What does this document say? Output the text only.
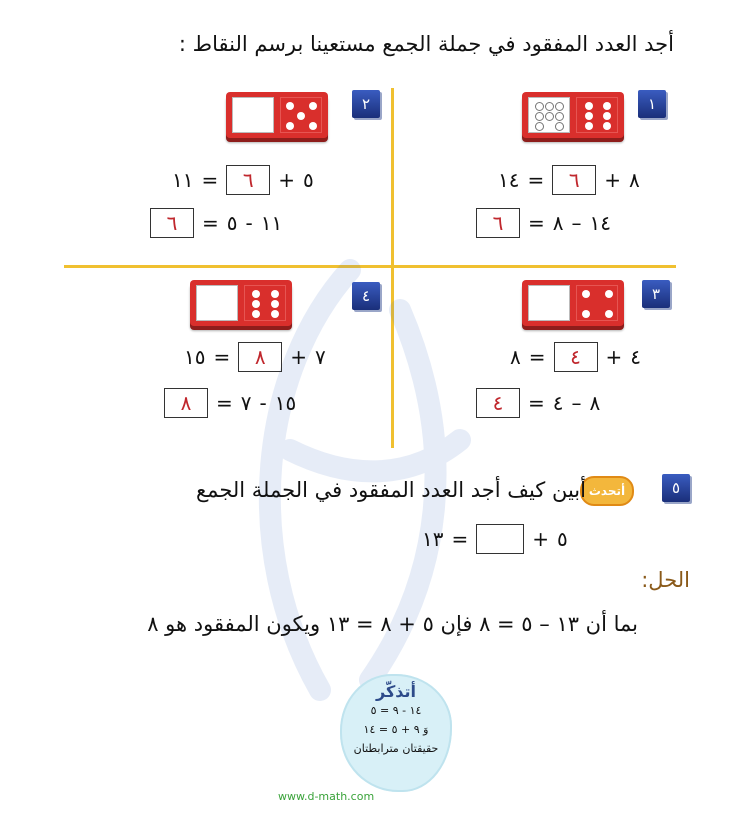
أجد العدد المفقود في جملة الجمع مستعينا برسم النقاط :
١
١٤ =	٦	+ ٨
٦	= ٨ – ١٤
٢
١١ =	٦	+ ٥
٦	= ٥ - ١١
٣
٨ =	٤	+ ٤
٤	= ٤ – ٨
٤
١٥ =	٨	+ ٧
٨	= ٧ - ١٥
٥
أتحدث
أبين كيف أجد العدد المفقود في الجملة الجمع
١٣ =	+ ٥
الحل:
بما أن ١٣ – ٥ = ٨ فإن ٥ + ٨ = ١٣ ويكون المفقود هو ٨
أتذكّر
١٤ - ٩ = ٥
وَ ٩ + ٥ = ١٤
حقيقتان مترابطتان
www.d-math.com
